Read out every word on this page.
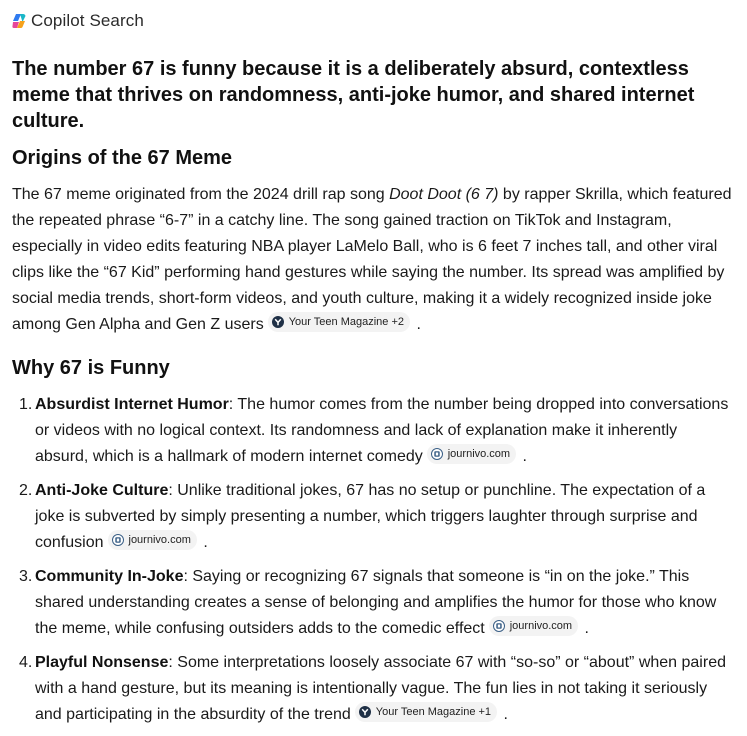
Copilot Search
The number 67 is funny because it is a deliberately absurd, contextless meme that thrives on randomness, anti-joke humor, and shared internet culture.
Origins of the 67 Meme

The 67 meme originated from the 2024 drill rap song Doot Doot (6 7) by rapper Skrilla, which featured the repeated phrase “6-7” in a catchy line. The song gained traction on TikTok and Instagram, especially in video edits featuring NBA player LaMelo Ball, who is 6 feet 7 inches tall, and other viral clips like the “67 Kid” performing hand gestures while saying the number. Its spread was amplified by social media trends, short-form videos, and youth culture, making it a widely recognized inside joke among Gen Alpha and Gen Z users Your Teen Magazine +2 .

Why 67 is Funny
1. Absurdist Internet Humor: The humor comes from the number being dropped into conversations or videos with no logical context. Its randomness and lack of explanation make it inherently absurd, which is a hallmark of modern internet comedy journivo.com .
2. Anti-Joke Culture: Unlike traditional jokes, 67 has no setup or punchline. The expectation of a joke is subverted by simply presenting a number, which triggers laughter through surprise and confusion journivo.com .
3. Community In-Joke: Saying or recognizing 67 signals that someone is “in on the joke.” This shared understanding creates a sense of belonging and amplifies the humor for those who know the meme, while confusing outsiders adds to the comedic effect journivo.com .
4. Playful Nonsense: Some interpretations loosely associate 67 with “so-so” or “about” when paired with a hand gesture, but its meaning is intentionally vague. The fun lies in not taking it seriously and participating in the absurdity of the trend Your Teen Magazine +1 .
